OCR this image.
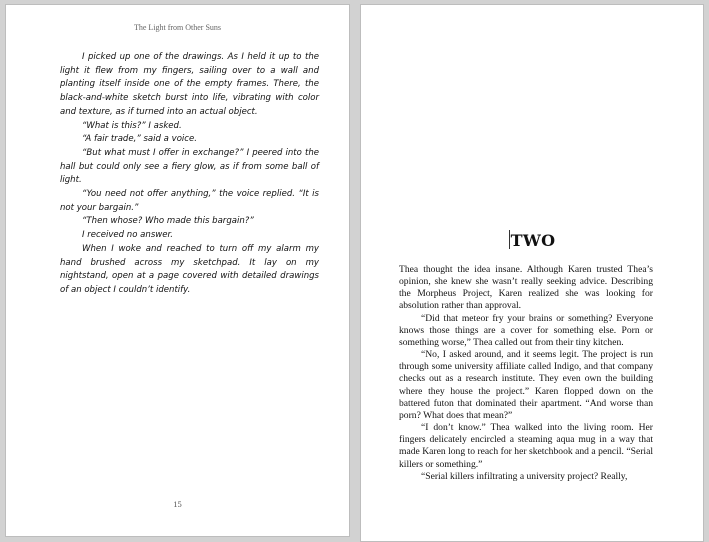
The Light from Other Suns

I picked up one of the drawings. As I held it up to the light it flew from my fingers, sailing over to a wall and planting itself inside one of the empty frames. There, the black-and-white sketch burst into life, vibrating with color and texture, as if turned into an actual object.

“What is this?” I asked.

“A fair trade,” said a voice.

“But what must I offer in exchange?” I peered into the hall but could only see a fiery glow, as if from some ball of light.

“You need not offer anything,” the voice replied. “It is not your bargain.”

“Then whose? Who made this bargain?”

I received no answer.

When I woke and reached to turn off my alarm my hand brushed across my sketchpad. It lay on my nightstand, open at a page covered with detailed drawings of an object I couldn’t identify.

15
TWO

Thea thought the idea insane. Although Karen trusted Thea’s opinion, she knew she wasn’t really seeking advice. Describing the Morpheus Project, Karen realized she was looking for absolution rather than approval.

“Did that meteor fry your brains or something? Everyone knows those things are a cover for something else. Porn or something worse,” Thea called out from their tiny kitchen.

“No, I asked around, and it seems legit. The project is run through some university affiliate called Indigo, and that company checks out as a research institute. They even own the building where they house the project.” Karen flopped down on the battered futon that dominated their apartment. “And worse than porn? What does that mean?”

“I don’t know.” Thea walked into the living room. Her fingers delicately encircled a steaming aqua mug in a way that made Karen long to reach for her sketchbook and a pencil. “Serial killers or something.”

“Serial killers infiltrating a university project? Really,
